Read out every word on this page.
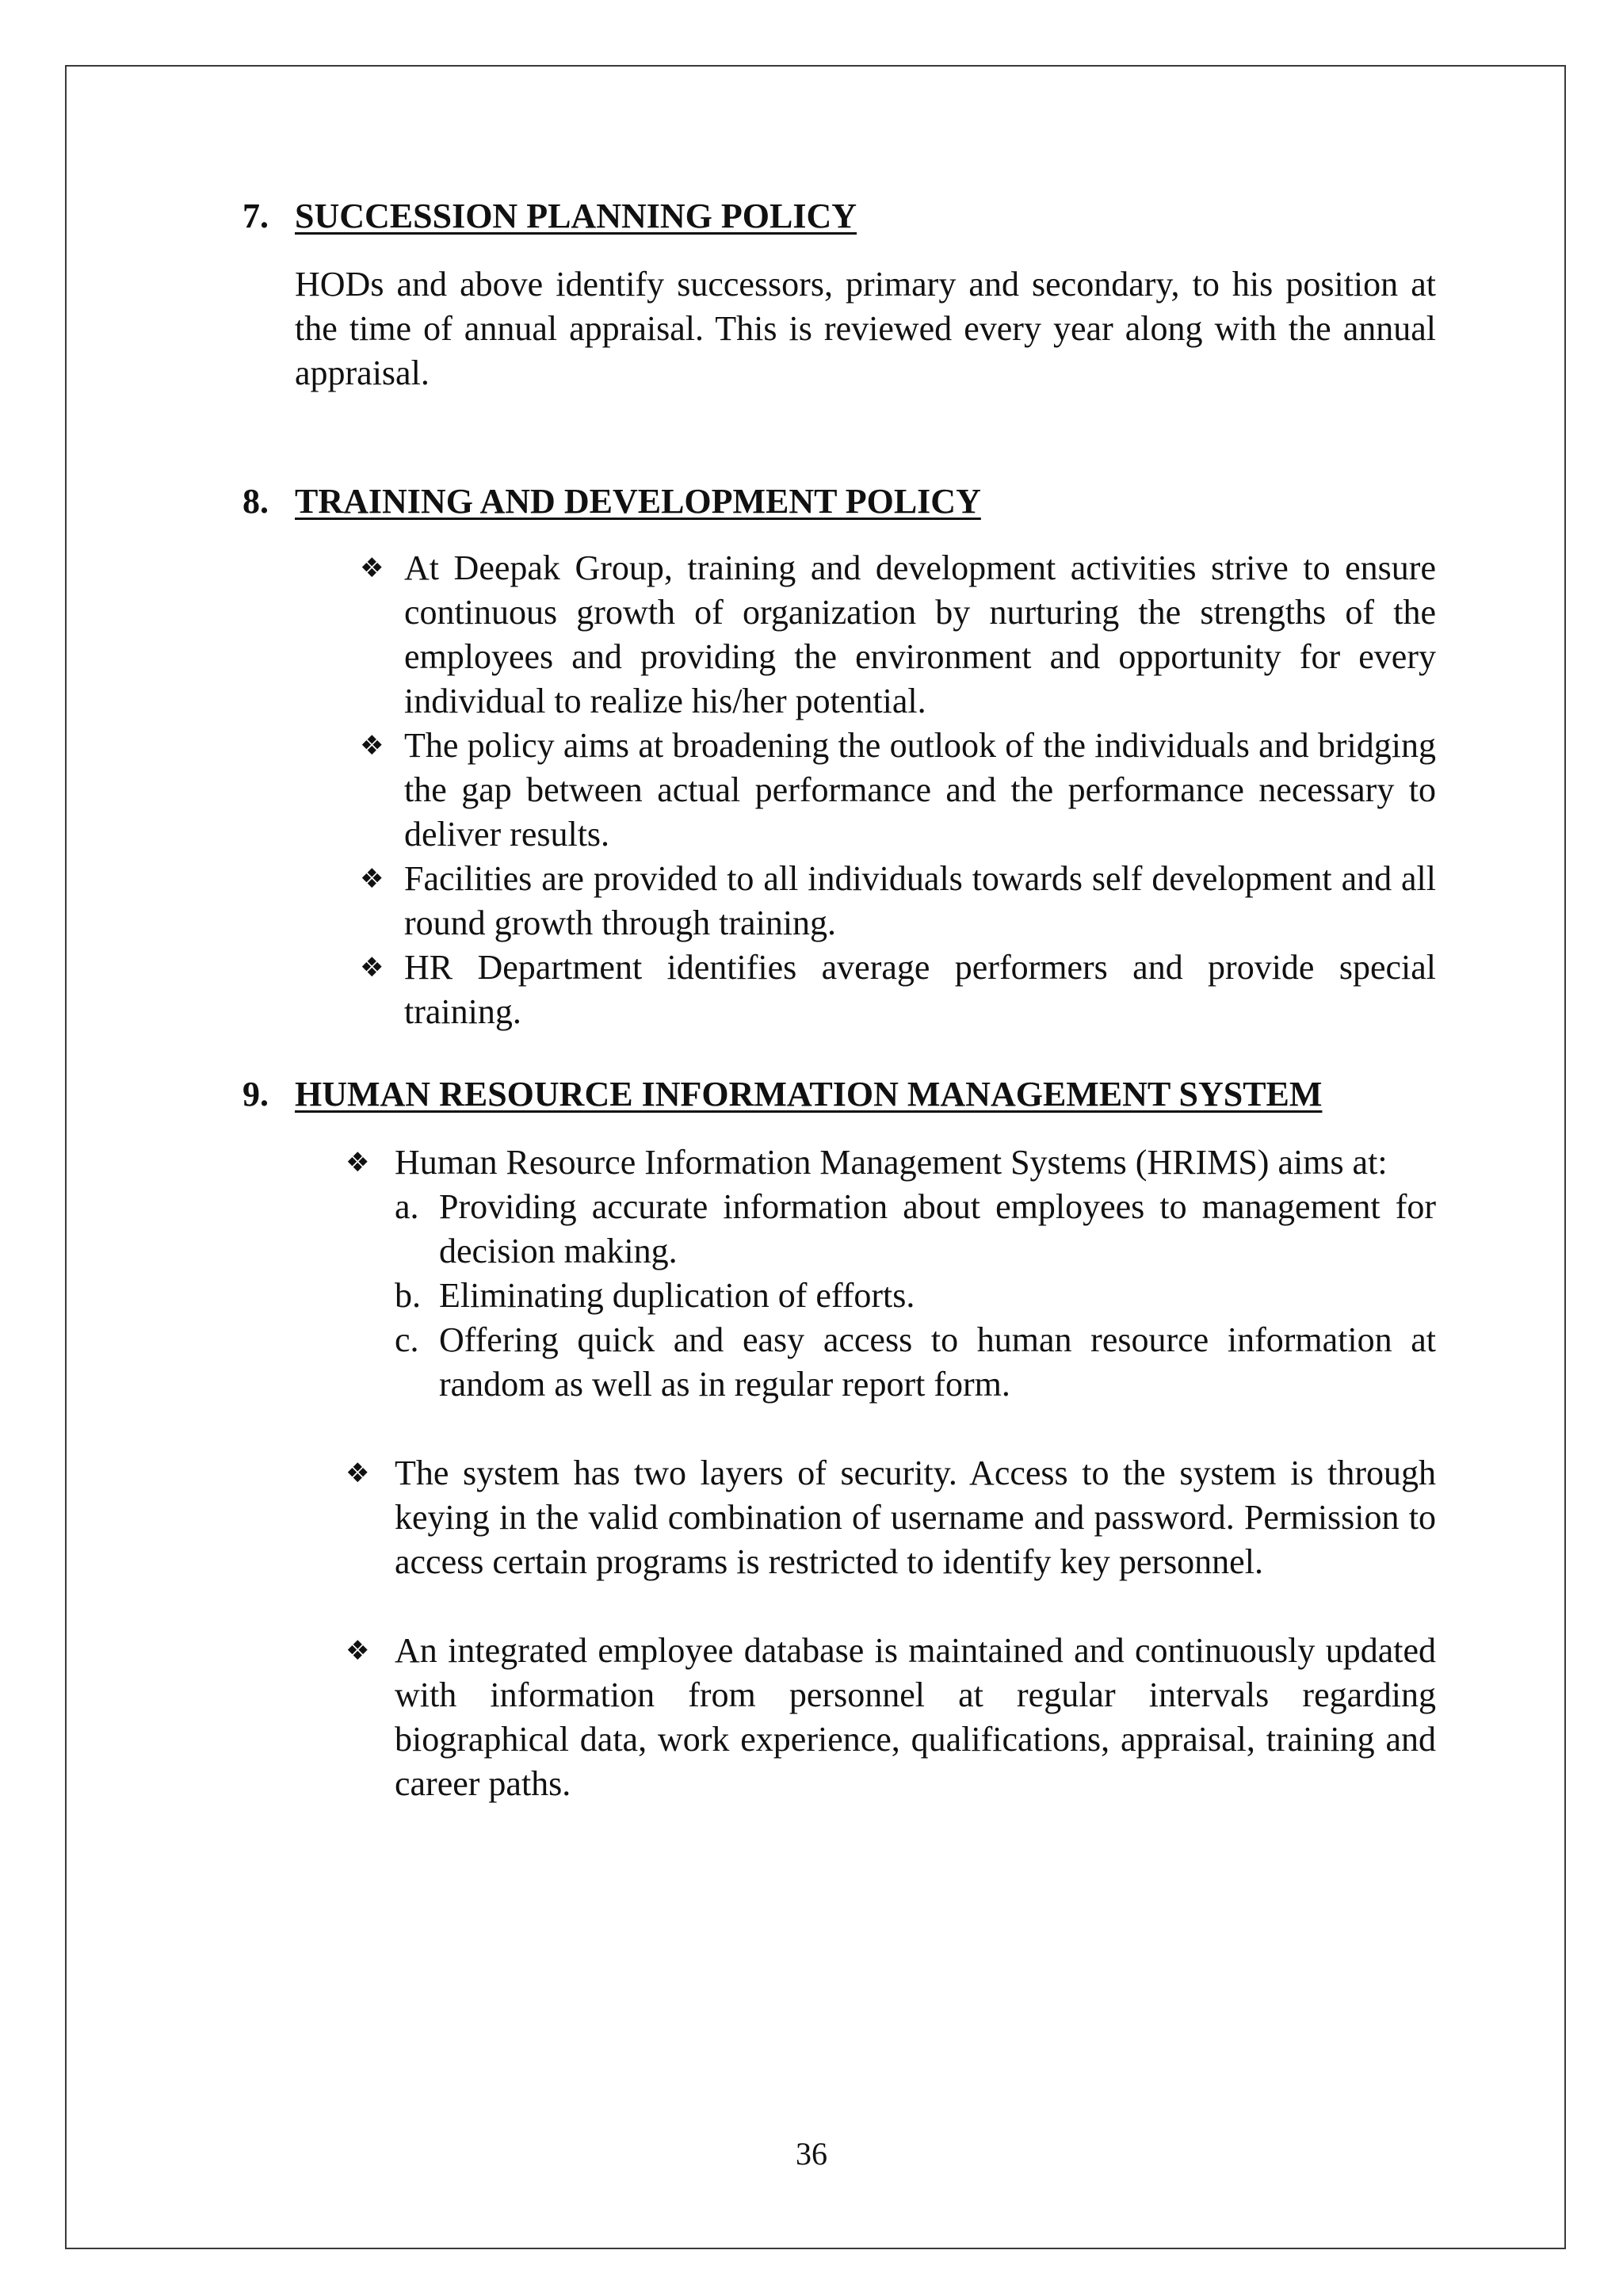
7. SUCCESSION PLANNING POLICY
HODs and above identify successors, primary and secondary, to his position at the time of annual appraisal. This is reviewed every year along with the annual appraisal.
8. TRAINING AND DEVELOPMENT POLICY
❖ At Deepak Group, training and development activities strive to ensure continuous growth of organization by nurturing the strengths of the employees and providing the environment and opportunity for every individual to realize his/her potential.
❖ The policy aims at broadening the outlook of the individuals and bridging the gap between actual performance and the performance necessary to deliver results.
❖ Facilities are provided to all individuals towards self development and all round growth through training.
❖ HR Department identifies average performers and provide special training.
9. HUMAN RESOURCE INFORMATION MANAGEMENT SYSTEM
❖ Human Resource Information Management Systems (HRIMS) aims at:
a. Providing accurate information about employees to management for decision making.
b. Eliminating duplication of efforts.
c. Offering quick and easy access to human resource information at random as well as in regular report form.
❖ The system has two layers of security. Access to the system is through keying in the valid combination of username and password. Permission to access certain programs is restricted to identify key personnel.
❖ An integrated employee database is maintained and continuously updated with information from personnel at regular intervals regarding biographical data, work experience, qualifications, appraisal, training and career paths.
36
